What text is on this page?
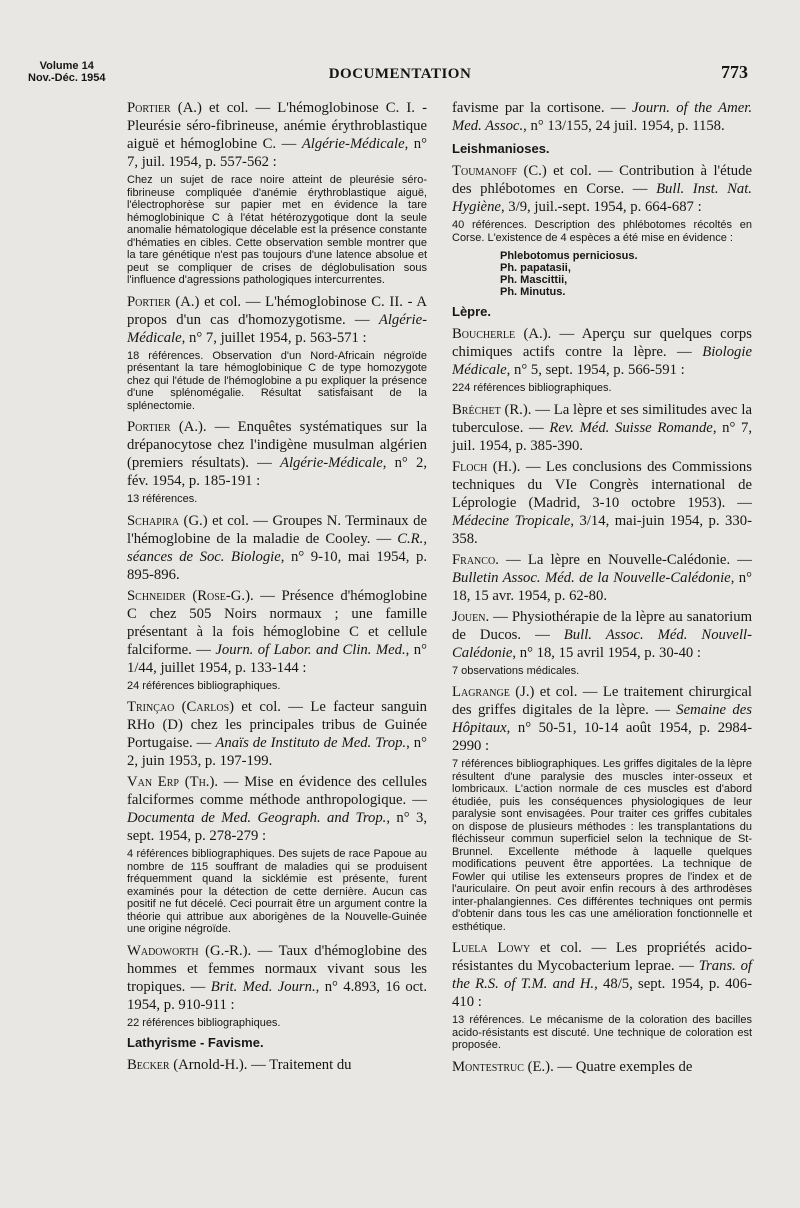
Volume 14
Nov.-Déc. 1954	DOCUMENTATION	773
Portier (A.) et col. — L'hémoglobinose C. I. - Pleurésie séro-fibrineuse, anémie érythroblastique aiguë et hémoglobine C. — Algérie-Médicale, n° 7, juil. 1954, p. 557-562 :
Chez un sujet de race noire atteint de pleurésie séro-fibrineuse compliquée d'anémie érythroblastique aiguë, l'électrophorèse sur papier met en évidence la tare hémoglobinique C à l'état hétérozygotique dont la seule anomalie hématologique décelable est la présence constante d'hématies en cibles. Cette observation semble montrer que la tare génétique n'est pas toujours d'une latence absolue et peut se compliquer de crises de déglobulisation sous l'influence d'agressions pathologiques intercurrentes.
Portier (A.) et col. — L'hémoglobinose C. II. - A propos d'un cas d'homozygotisme. — Algérie-Médicale, n° 7, juillet 1954, p. 563-571 :
18 références. Observation d'un Nord-Africain négroïde présentant la tare hémoglobinique C de type homozygote chez qui l'étude de l'hémoglobine a pu expliquer la présence d'une splénomégalie. Résultat satisfaisant de la splénectomie.
Portier (A.). — Enquêtes systématiques sur la drépanocytose chez l'indigène musulman algérien (premiers résultats). — Algérie-Médicale, n° 2, fév. 1954, p. 185-191 :
13 références.
Schapira (G.) et col. — Groupes N. Terminaux de l'hémoglobine de la maladie de Cooley. — C.R., séances de Soc. Biologie, n° 9-10, mai 1954, p. 895-896.
Schneider (Rose-G.). — Présence d'hémoglobine C chez 505 Noirs normaux ; une famille présentant à la fois hémoglobine C et cellule falciforme. — Journ. of Labor. and Clin. Med., n° 1/44, juillet 1954, p. 133-144 :
24 références bibliographiques.
Trinçao (Carlos) et col. — Le facteur sanguin RHo (D) chez les principales tribus de Guinée Portugaise. — Anaïs de Instituto de Med. Trop., n° 2, juin 1953, p. 197-199.
Van Erp (Th.). — Mise en évidence des cellules falciformes comme méthode anthropologique. — Documenta de Med. Geograph. and Trop., n° 3, sept. 1954, p. 278-279 :
4 références bibliographiques. Des sujets de race Papoue au nombre de 115 souffrant de maladies qui se produisent fréquemment quand la sicklémie est présente, furent examinés pour la détection de cette dernière. Aucun cas positif ne fut décelé. Ceci pourrait être un argument contre la théorie qui attribue aux aborigènes de la Nouvelle-Guinée une origine négroïde.
Wadoworth (G.-R.). — Taux d'hémoglobine des hommes et femmes normaux vivant sous les tropiques. — Brit. Med. Journ., n° 4.893, 16 oct. 1954, p. 910-911 :
22 références bibliographiques.
Lathyrisme - Favisme.
Becker (Arnold-H.). — Traitement du
favisme par la cortisone. — Journ. of the Amer. Med. Assoc., n° 13/155, 24 juil. 1954, p. 1158.
Leishmanioses.
Toumanoff (C.) et col. — Contribution à l'étude des phlébotomes en Corse. — Bull. Inst. Nat. Hygiène, 3/9, juil.-sept. 1954, p. 664-687 :
40 références. Description des phlébotomes récoltés en Corse. L'existence de 4 espèces a été mise en évidence :
Phlebotomus perniciosus.
Ph. papatasii,
Ph. Mascittii,
Ph. Minutus.
Lèpre.
Boucherle (A.). — Aperçu sur quelques corps chimiques actifs contre la lèpre. — Biologie Médicale, n° 5, sept. 1954, p. 566-591 :
224 références bibliographiques.
Bréchet (R.). — La lèpre et ses similitudes avec la tuberculose. — Rev. Méd. Suisse Romande, n° 7, juil. 1954, p. 385-390.
Floch (H.). — Les conclusions des Commissions techniques du VIe Congrès international de Léprologie (Madrid, 3-10 octobre 1953). — Médecine Tropicale, 3/14, mai-juin 1954, p. 330-358.
Franco. — La lèpre en Nouvelle-Calédonie. — Bulletin Assoc. Méd. de la Nouvelle-Calédonie, n° 18, 15 avr. 1954, p. 62-80.
Jouen. — Physiothérapie de la lèpre au sanatorium de Ducos. — Bull. Assoc. Méd. Nouvell-Calédonie, n° 18, 15 avril 1954, p. 30-40 :
7 observations médicales.
Lagrange (J.) et col. — Le traitement chirurgical des griffes digitales de la lèpre. — Semaine des Hôpitaux, n° 50-51, 10-14 août 1954, p. 2984-2990 :
7 références bibliographiques. Les griffes digitales de la lèpre résultent d'une paralysie des muscles inter-osseux et lombricaux. L'action normale de ces muscles est d'abord étudiée, puis les conséquences physiologiques de leur paralysie sont envisagées. Pour traiter ces griffes cubitales on dispose de plusieurs méthodes : les transplantations du fléchisseur commun superficiel selon la technique de St-Brunnel. Excellente méthode à laquelle quelques modifications peuvent être apportées. La technique de Fowler qui utilise les extenseurs propres de l'index et de l'auriculaire. On peut avoir enfin recours à des arthrodèses inter-phalangiennes. Ces différentes techniques ont permis d'obtenir dans tous les cas une amélioration fonctionnelle et esthétique.
Luela Lowy et col. — Les propriétés acido-résistantes du Mycobacterium leprae. — Trans. of the R.S. of T.M. and H., 48/5, sept. 1954, p. 406-410 :
13 références. Le mécanisme de la coloration des bacilles acido-résistants est discuté. Une technique de coloration est proposée.
Montestruc (E.). — Quatre exemples de
